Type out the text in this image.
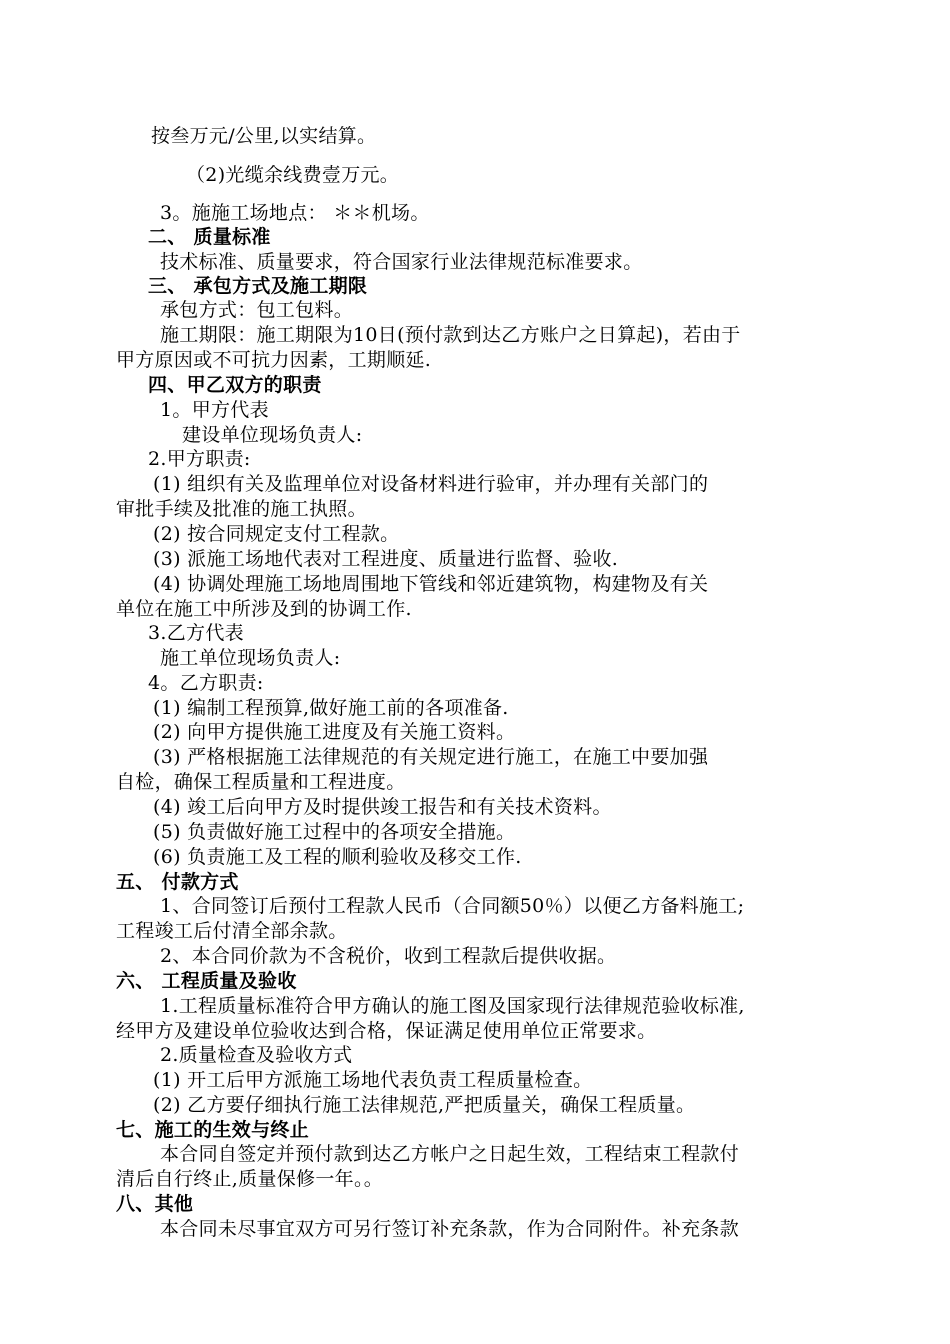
按叁万元/公里,以实结算。
（2)光缆余线费壹万元。
3。施施工场地点： ＊＊机场。
二、 质量标准
技术标准、质量要求，符合国家行业法律规范标准要求。
三、 承包方式及施工期限
承包方式：包工包料。
施工期限：施工期限为10日(预付款到达乙方账户之日算起)，若由于
甲方原因或不可抗力因素，工期顺延.
四、甲乙双方的职责
1。甲方代表
建设单位现场负责人:
2.甲方职责:
(1) 组织有关及监理单位对设备材料进行验审，并办理有关部门的
审批手续及批准的施工执照。
(2) 按合同规定支付工程款。
(3) 派施工场地代表对工程进度、质量进行监督、验收.
(4) 协调处理施工场地周围地下管线和邻近建筑物，构建物及有关
单位在施工中所涉及到的协调工作.
3.乙方代表
施工单位现场负责人:
4。乙方职责:
(1) 编制工程预算,做好施工前的各项准备.
(2) 向甲方提供施工进度及有关施工资料。
(3) 严格根据施工法律规范的有关规定进行施工，在施工中要加强
自检，确保工程质量和工程进度。
(4) 竣工后向甲方及时提供竣工报告和有关技术资料。
(5) 负责做好施工过程中的各项安全措施。
(6) 负责施工及工程的顺利验收及移交工作.
五、 付款方式
1、合同签订后预付工程款人民币（合同额50％）以便乙方备料施工;
工程竣工后付清全部余款。
2、本合同价款为不含税价，收到工程款后提供收据。
六、 工程质量及验收
1.工程质量标准符合甲方确认的施工图及国家现行法律规范验收标准,
经甲方及建设单位验收达到合格，保证满足使用单位正常要求。
2.质量检查及验收方式
(1) 开工后甲方派施工场地代表负责工程质量检查。
(2) 乙方要仔细执行施工法律规范,严把质量关，确保工程质量。
七、施工的生效与终止
本合同自签定并预付款到达乙方帐户之日起生效，工程结束工程款付
清后自行终止,质量保修一年。。
八、其他
本合同未尽事宜双方可另行签订补充条款，作为合同附件。补充条款
